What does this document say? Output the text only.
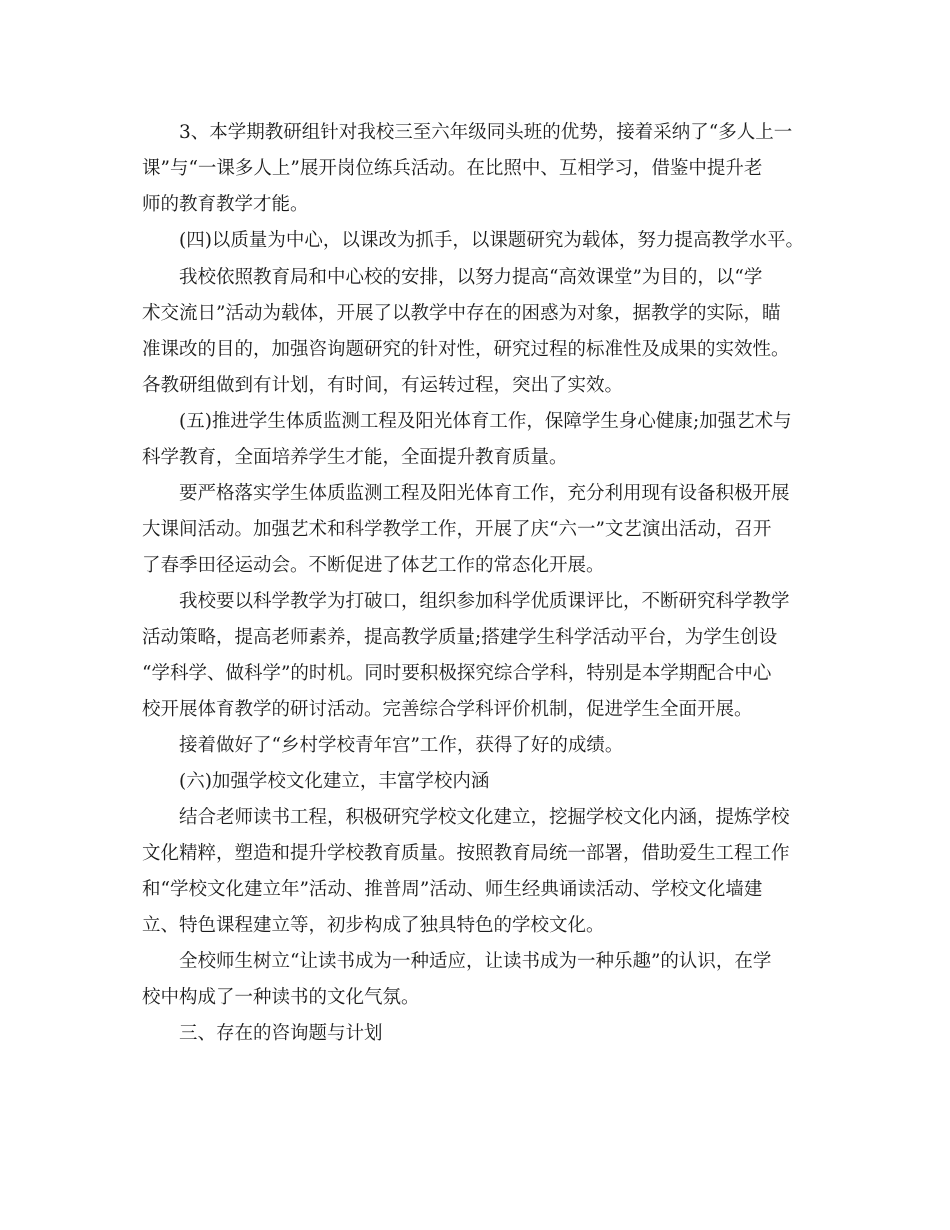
3、本学期教研组针对我校三至六年级同头班的优势，接着采纳了“多人上一

课”与“一课多人上”展开岗位练兵活动。在比照中、互相学习，借鉴中提升老

师的教育教学才能。

(四)以质量为中心，以课改为抓手，以课题研究为载体，努力提高教学水平。

我校依照教育局和中心校的安排，以努力提高“高效课堂”为目的，以“学

术交流日”活动为载体，开展了以教学中存在的困惑为对象，据教学的实际，瞄

准课改的目的，加强咨询题研究的针对性，研究过程的标准性及成果的实效性。

各教研组做到有计划，有时间，有运转过程，突出了实效。

(五)推进学生体质监测工程及阳光体育工作，保障学生身心健康;加强艺术与

科学教育，全面培养学生才能，全面提升教育质量。

要严格落实学生体质监测工程及阳光体育工作，充分利用现有设备积极开展

大课间活动。加强艺术和科学教学工作，开展了庆“六一”文艺演出活动，召开

了春季田径运动会。不断促进了体艺工作的常态化开展。

我校要以科学教学为打破口，组织参加科学优质课评比，不断研究科学教学

活动策略，提高老师素养，提高教学质量;搭建学生科学活动平台，为学生创设

“学科学、做科学”的时机。同时要积极探究综合学科，特别是本学期配合中心

校开展体育教学的研讨活动。完善综合学科评价机制，促进学生全面开展。

接着做好了“乡村学校青年宫”工作，获得了好的成绩。

(六)加强学校文化建立，丰富学校内涵

结合老师读书工程，积极研究学校文化建立，挖掘学校文化内涵，提炼学校

文化精粹，塑造和提升学校教育质量。按照教育局统一部署，借助爱生工程工作

和“学校文化建立年”活动、推普周”活动、师生经典诵读活动、学校文化墙建

立、特色课程建立等，初步构成了独具特色的学校文化。

全校师生树立“让读书成为一种适应，让读书成为一种乐趣”的认识，在学

校中构成了一种读书的文化气氛。

三、存在的咨询题与计划
